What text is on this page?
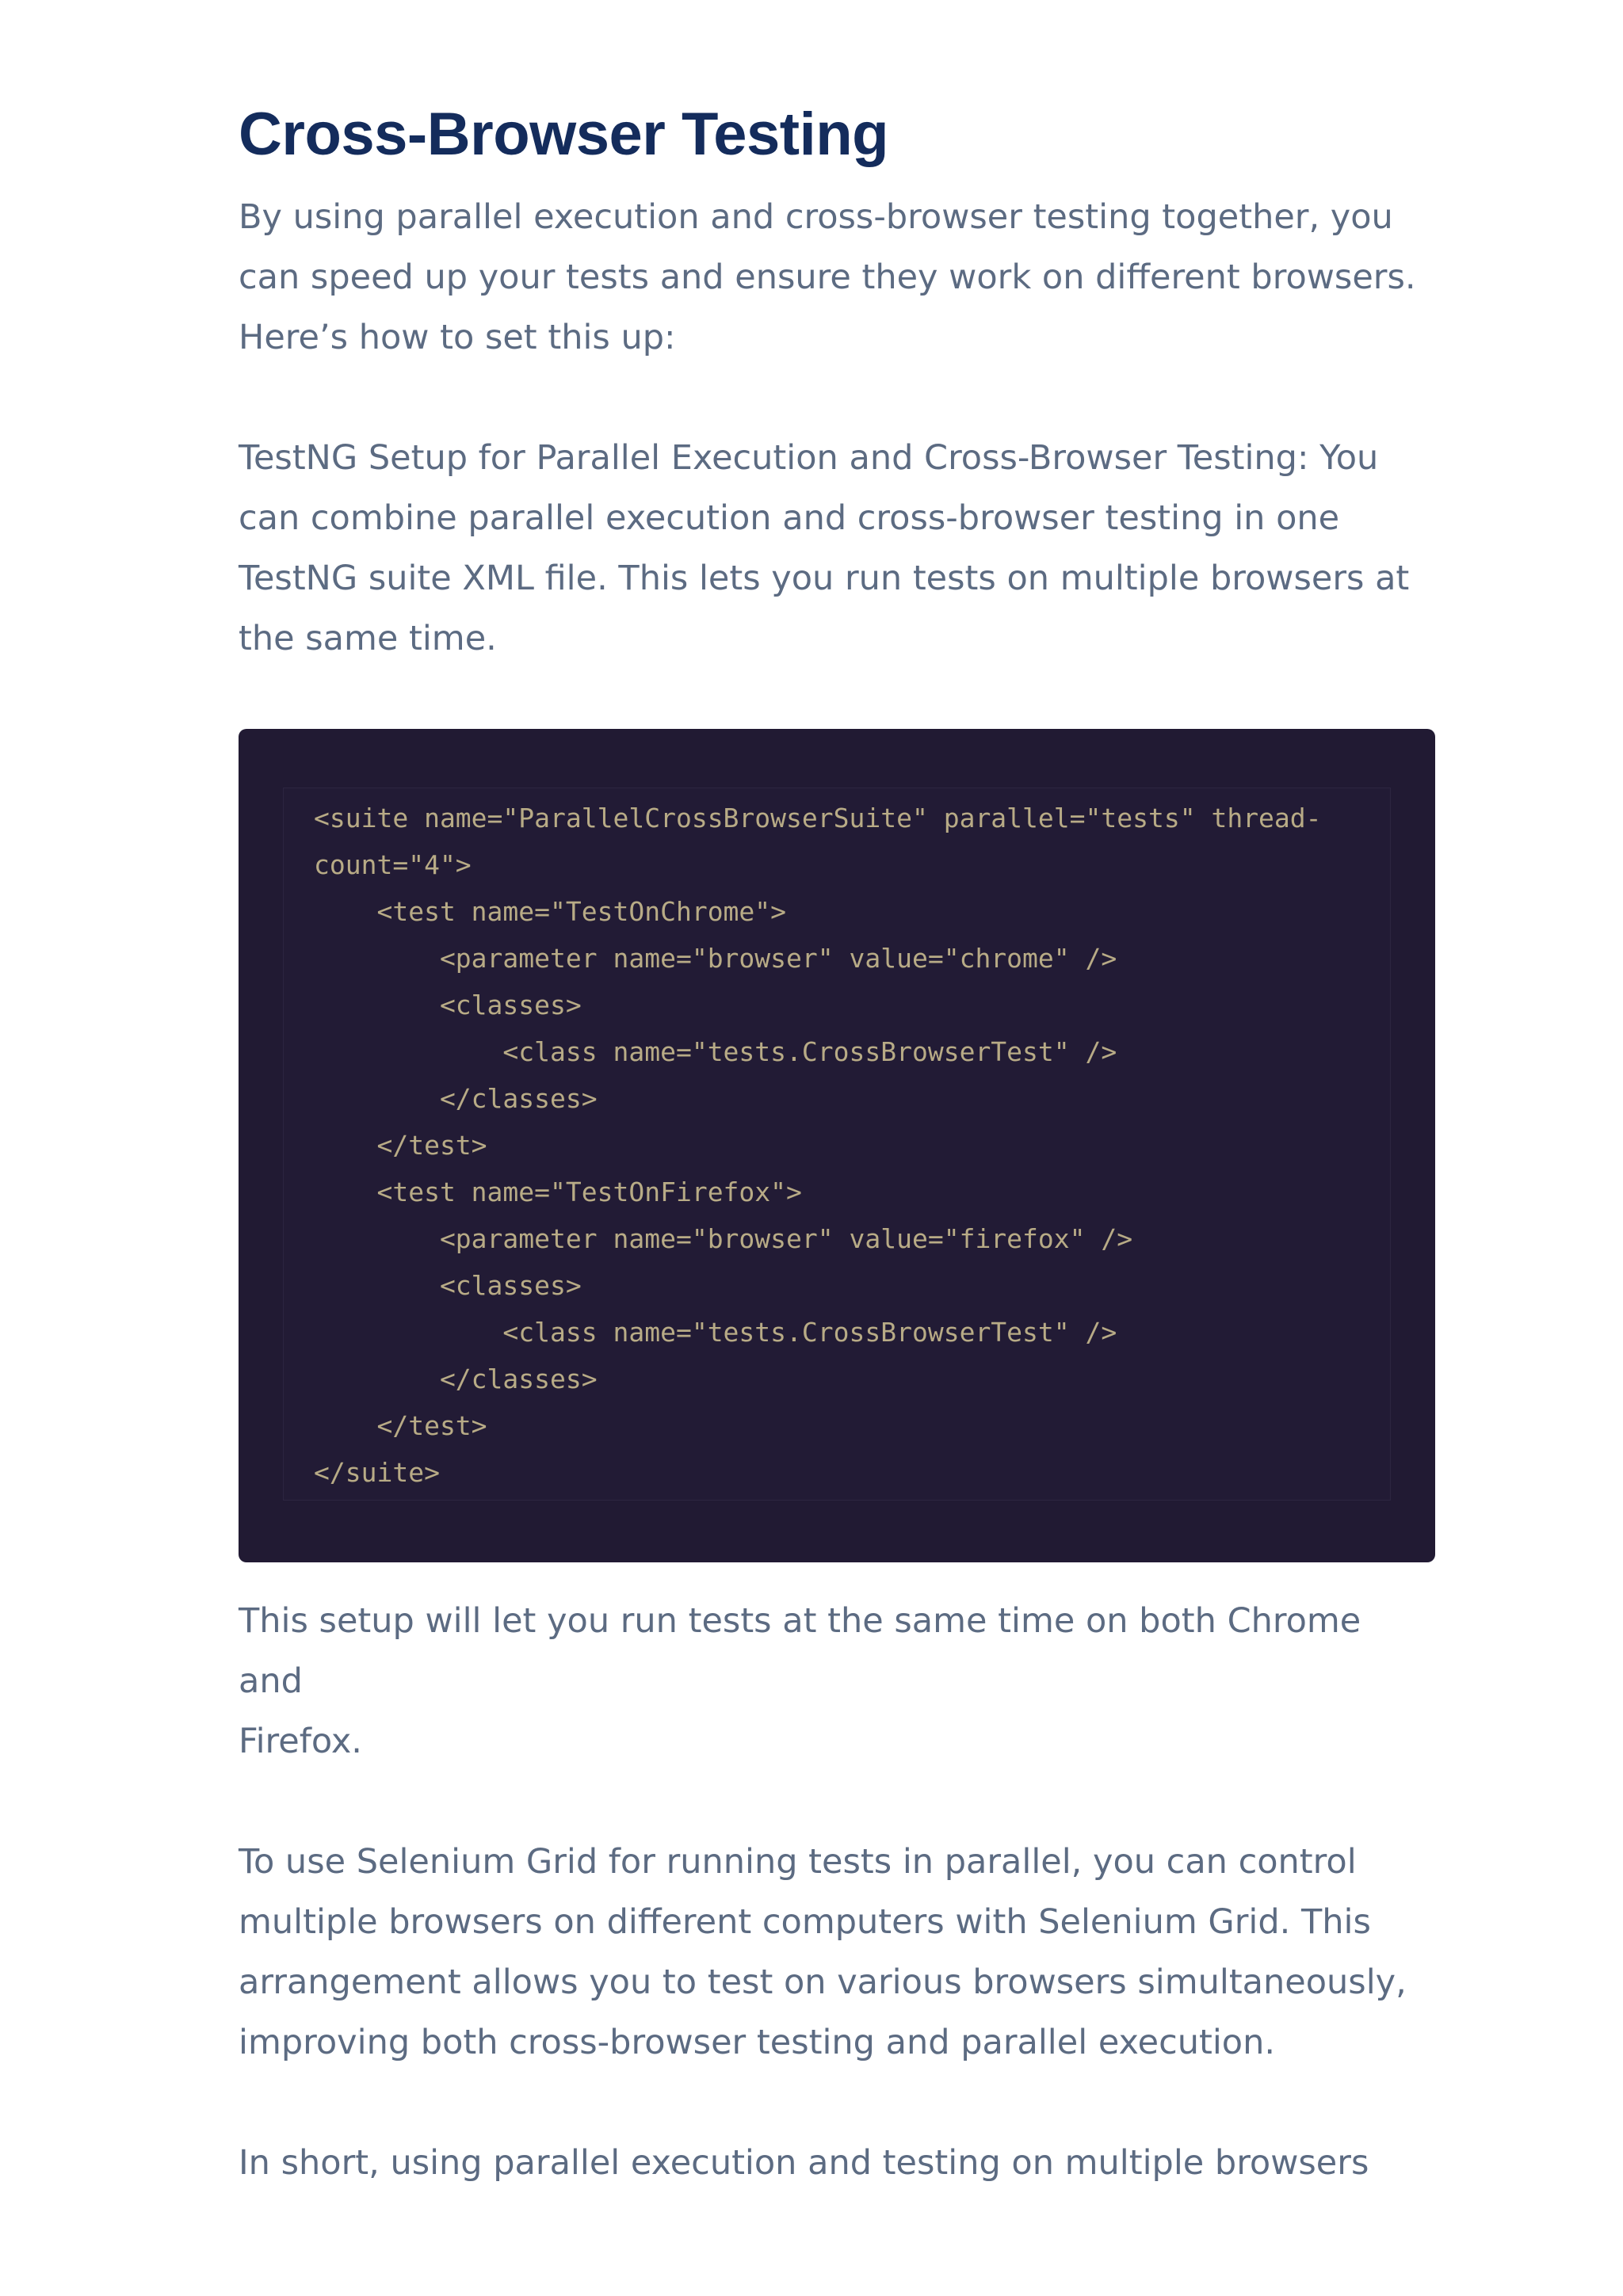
Cross-Browser Testing

By using parallel execution and cross-browser testing together, you
can speed up your tests and ensure they work on different browsers.
Here’s how to set this up:

TestNG Setup for Parallel Execution and Cross-Browser Testing: You
can combine parallel execution and cross-browser testing in one
TestNG suite XML file. This lets you run tests on multiple browsers at
the same time.

<suite name="ParallelCrossBrowserSuite" parallel="tests" thread-
count="4">
<test name="TestOnChrome">
<parameter name="browser" value="chrome" />
<classes>
<class name="tests.CrossBrowserTest" />
</classes>
</test>
<test name="TestOnFirefox">
<parameter name="browser" value="firefox" />
<classes>
<class name="tests.CrossBrowserTest" />
</classes>
</test>
</suite>

This setup will let you run tests at the same time on both Chrome and
Firefox.

To use Selenium Grid for running tests in parallel, you can control
multiple browsers on different computers with Selenium Grid. This
arrangement allows you to test on various browsers simultaneously,
improving both cross-browser testing and parallel execution.

In short, using parallel execution and testing on multiple browsers
